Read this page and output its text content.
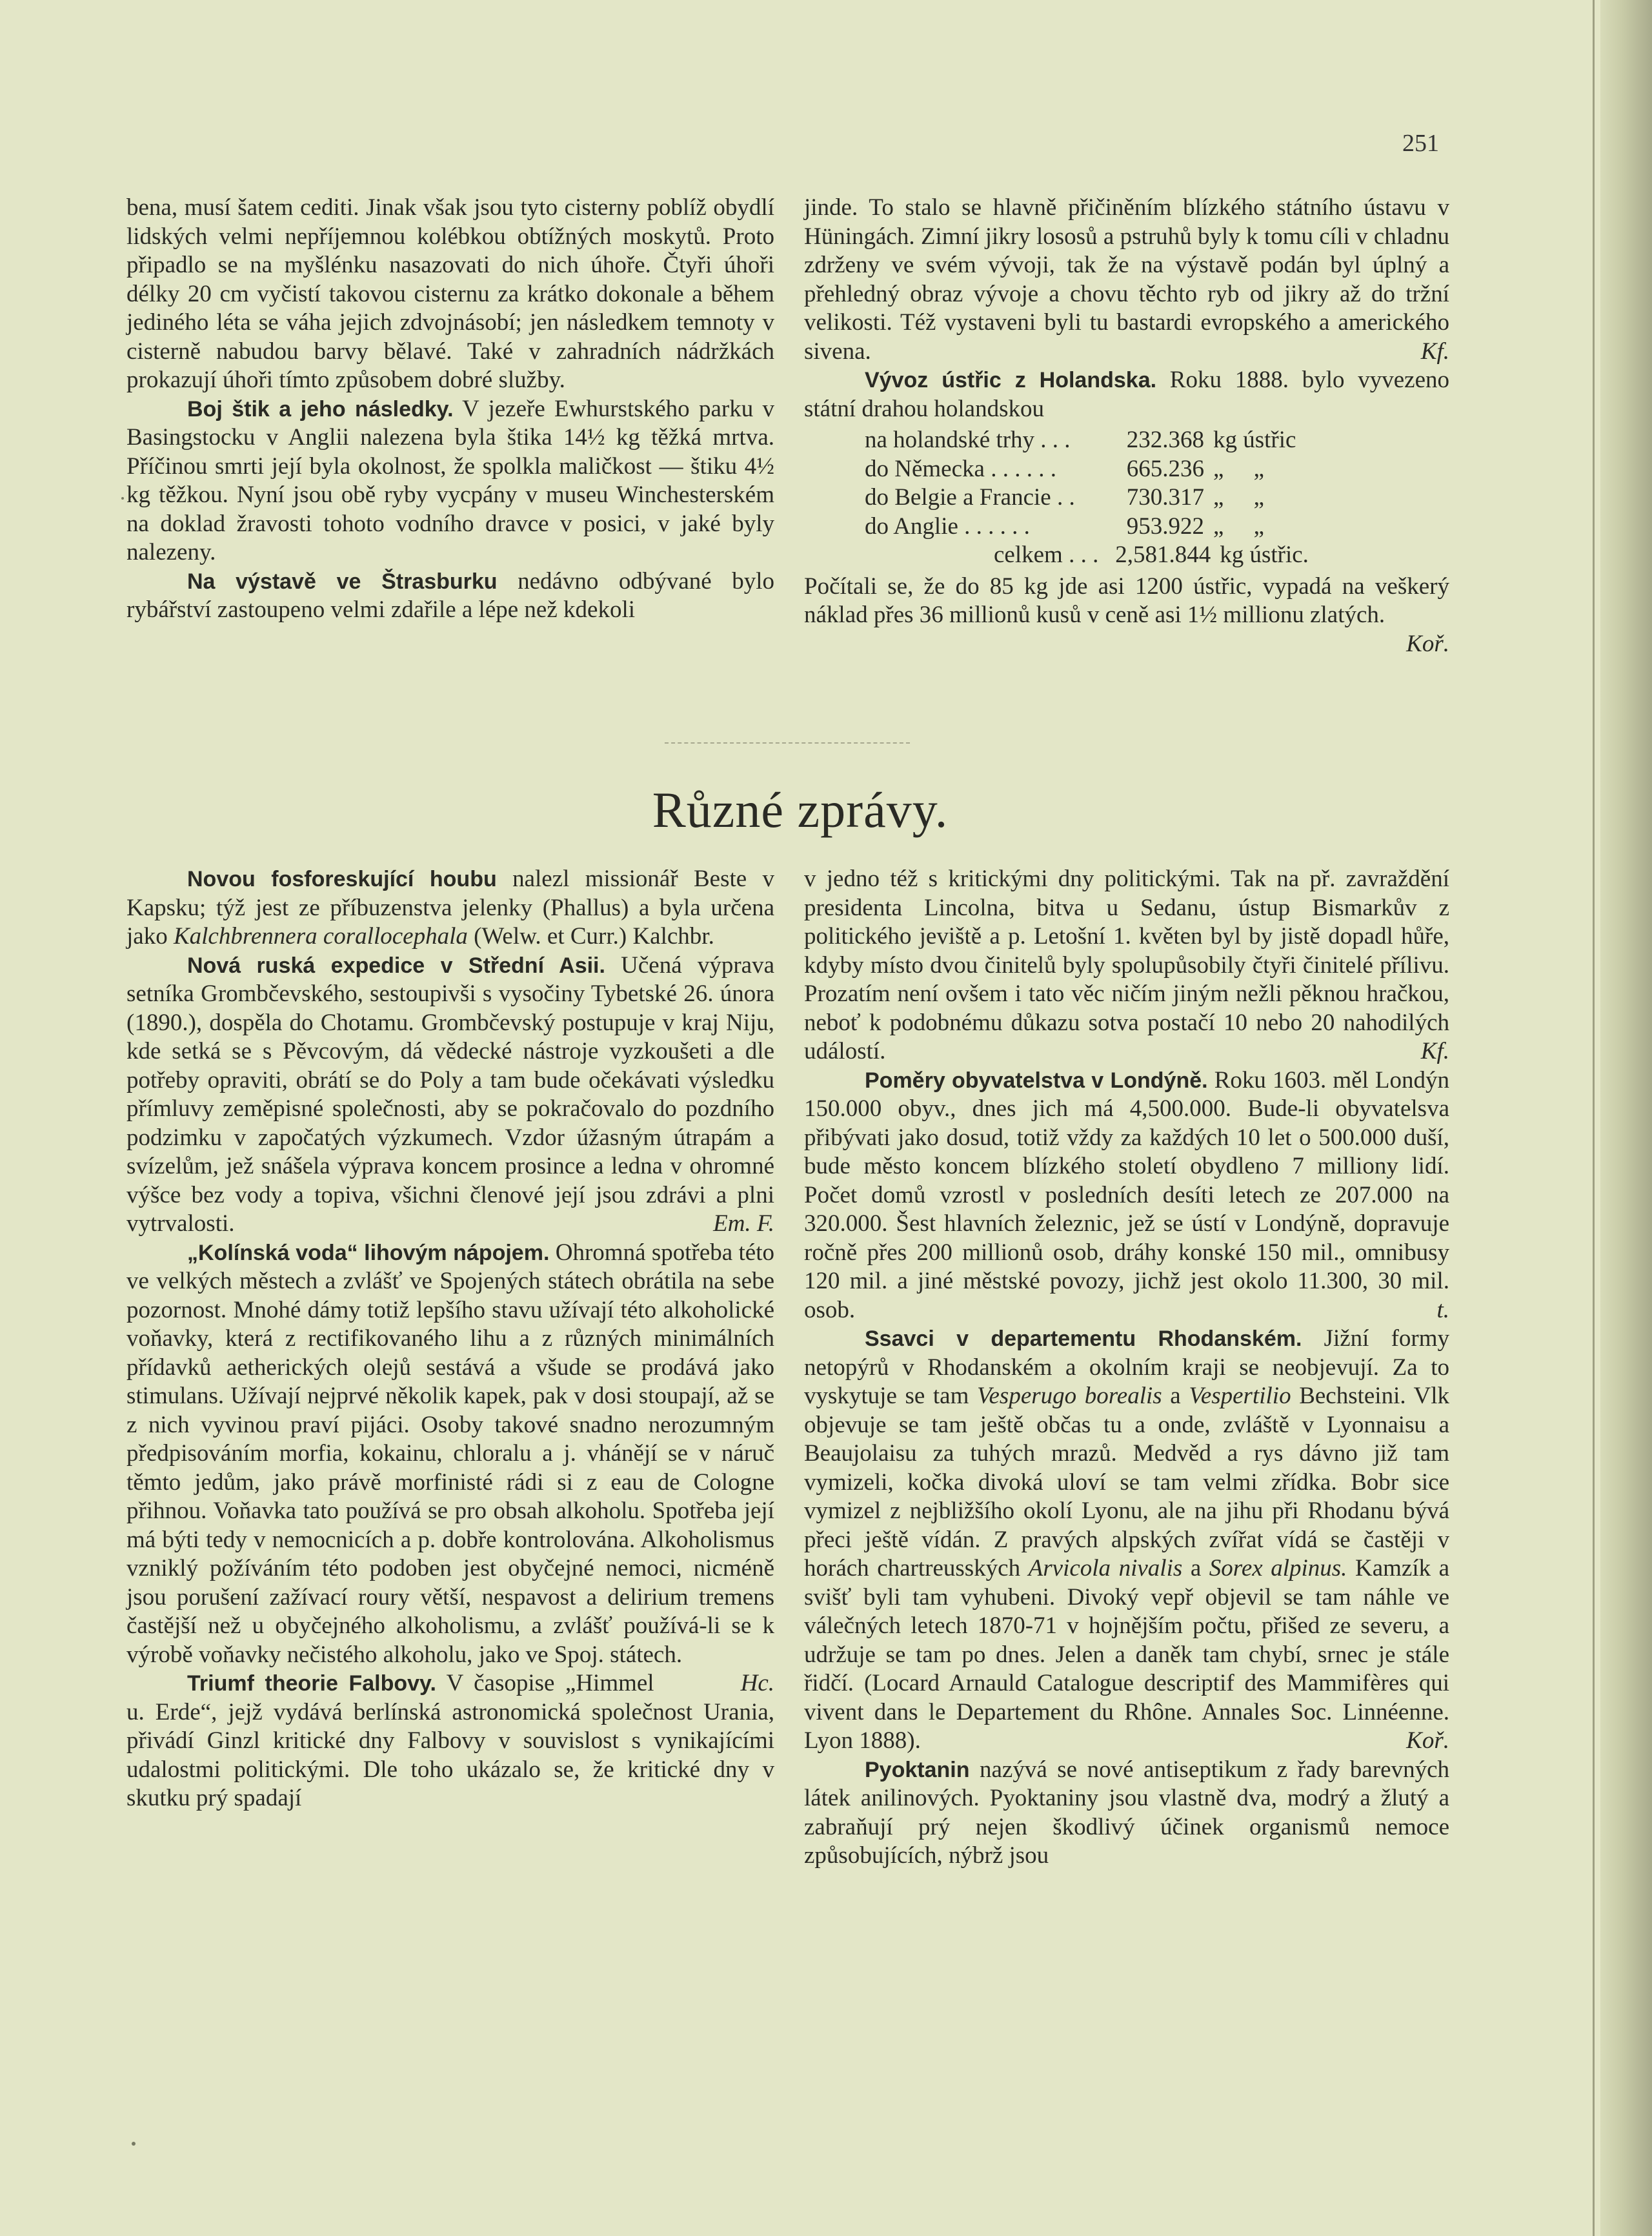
251

bena, musí šatem cediti. Jinak však jsou tyto cisterny poblíž obydlí lidských velmi nepříjemnou kolébkou obtížných moskytů. Proto připadlo se na myšlénku nasazovati do nich úhoře. Čtyři úhoři délky 20 cm vyčistí takovou cisternu za krátko dokonale a během jediného léta se váha jejich zdvojnásobí; jen následkem temnoty v cisterně nabudou barvy bělavé. Také v zahradních nádržkách prokazují úhoři tímto způsobem dobré služby.

Boj štik a jeho následky. V jezeře Ewhurstského parku v Basingstocku v Anglii nalezena byla štika 14½ kg těžká mrtva. Příčinou smrti její byla okolnost, že spolkla maličkost — štiku 4½ kg těžkou. Nyní jsou obě ryby vycpány v museu Winchesterském na doklad žravosti tohoto vodního dravce v posici, v jaké byly nalezeny.

Na výstavě ve Štrasburku nedávno odbývané bylo rybářství zastoupeno velmi zdařile a lépe než kdekoli

jinde. To stalo se hlavně přičiněním blízkého státního ústavu v Hüningách. Zimní jikry lososů a pstruhů byly k tomu cíli v chladnu zdrženy ve svém vývoji, tak že na výstavě podán byl úplný a přehledný obraz vývoje a chovu těchto ryb od jikry až do tržní velikosti. Též vystaveni byli tu bastardi evropského a amerického sivena.	Kf.

Vývoz ústřic z Holandska. Roku 1888. bylo vyvezeno státní drahou holandskou

na holandské trhy . . .	232.368 kg ústřic
do Německa . . . . . .	665.236 „     „
do Belgie a Francie . .	730.317 „     „
do Anglie . . . . . .	953.922 „     „
celkem . . . 2,581.844 kg ústřic.

Počítali se, že do 85 kg jde asi 1200 ústřic, vypadá na veškerý náklad přes 36 millionů kusů v ceně asi 1½ millionu zlatých.
Koř.

Různé zprávy.

Novou fosforeskující houbu nalezl missionář Beste v Kapsku; týž jest ze příbuzenstva jelenky (Phallus) a byla určena jako Kalchbrennera corallocephala (Welw. et Curr.) Kalchbr.

Nová ruská expedice v Střední Asii. Učená výprava setníka Grombčevského, sestoupivši s vysočiny Tybetské 26. února (1890.), dospěla do Chotamu. Grombčevský postupuje v kraj Niju, kde setká se s Pěvcovým, dá vědecké nástroje vyzkoušeti a dle potřeby opraviti, obrátí se do Poly a tam bude očekávati výsledku přímluvy zeměpisné společnosti, aby se pokračovalo do pozdního podzimku v započatých výzkumech. Vzdor úžasným útrapám a svízelům, jež snášela výprava koncem prosince a ledna v ohromné výšce bez vody a topiva, všichni členové její jsou zdrávi a plni vytrvalosti.	Em. F.

„Kolínská voda“ lihovým nápojem. Ohromná spotřeba této ve velkých městech a zvlášť ve Spojených státech obrátila na sebe pozornost. Mnohé dámy totiž lepšího stavu užívají této alkoholické voňavky, která z rectifikovaného lihu a z různých minimálních přídavků aetherických olejů sestává a všude se prodává jako stimulans. Užívají nejprvé několik kapek, pak v dosi stoupají, až se z nich vyvinou praví pijáci. Osoby takové snadno nerozumným předpisováním morfia, kokainu, chloralu a j. vhánějí se v náruč těmto jedům, jako právě morfinisté rádi si z eau de Cologne přihnou. Voňavka tato používá se pro obsah alkoholu. Spotřeba její má býti tedy v nemocnicích a p. dobře kontrolována. Alkoholismus vzniklý požíváním této podoben jest obyčejné nemoci, nicméně jsou porušení zažívací roury větší, nespavost a delirium tremens častější než u obyčejného alkoholismu, a zvlášť používá-li se k výrobě voňavky nečistého alkoholu, jako ve Spoj. státech.
Hc.

Triumf theorie Falbovy. V časopise „Himmel u. Erde“, jejž vydává berlínská astronomická společnost Urania, přivádí Ginzl kritické dny Falbovy v souvislost s vynikajícími udalostmi politickými. Dle toho ukázalo se, že kritické dny v skutku prý spadají

v jedno též s kritickými dny politickými. Tak na př. zavraždění presidenta Lincolna, bitva u Sedanu, ústup Bismarkův z politického jeviště a p. Letošní 1. květen byl by jistě dopadl hůře, kdyby místo dvou činitelů byly spolupůsobily čtyři činitelé přílivu. Prozatím není ovšem i tato věc ničím jiným nežli pěknou hračkou, neboť k podobnému důkazu sotva postačí 10 nebo 20 nahodilých událostí.	Kf.

Poměry obyvatelstva v Londýně. Roku 1603. měl Londýn 150.000 obyv., dnes jich má 4,500.000. Bude-li obyvatelsva přibývati jako dosud, totiž vždy za každých 10 let o 500.000 duší, bude město koncem blízkého století obydleno 7 milliony lidí. Počet domů vzrostl v posledních desíti letech ze 207.000 na 320.000. Šest hlavních železnic, jež se ústí v Londýně, dopravuje ročně přes 200 millionů osob, dráhy konské 150 mil., omnibusy 120 mil. a jiné městské povozy, jichž jest okolo 11.300, 30 mil. osob.	t.

Ssavci v departementu Rhodanském. Jižní formy netopýrů v Rhodanském a okolním kraji se neobjevují. Za to vyskytuje se tam Vesperugo borealis a Vespertilio Bechsteini. Vlk objevuje se tam ještě občas tu a onde, zvláště v Lyonnaisu a Beaujolaisu za tuhých mrazů. Medvěd a rys dávno již tam vymizeli, kočka divoká uloví se tam velmi zřídka. Bobr sice vymizel z nejbližšího okolí Lyonu, ale na jihu při Rhodanu bývá přeci ještě vídán. Z pravých alpských zvířat vídá se častěji v horách chartreusských Arvicola nivalis a Sorex alpinus. Kamzík a svišť byli tam vyhubeni. Divoký vepř objevil se tam náhle ve válečných letech 1870-71 v hojnějším počtu, přišed ze severu, a udržuje se tam po dnes. Jelen a daněk tam chybí, srnec je stále řidčí. (Locard Arnauld Catalogue descriptif des Mammifères qui vivent dans le Departement du Rhône. Annales Soc. Linnéenne. Lyon 1888).	Koř.

Pyoktanin nazývá se nové antiseptikum z řady barevných látek anilinových. Pyoktaniny jsou vlastně dva, modrý a žlutý a zabraňují prý nejen škodlivý účinek organismů nemoce způsobujících, nýbrž jsou
